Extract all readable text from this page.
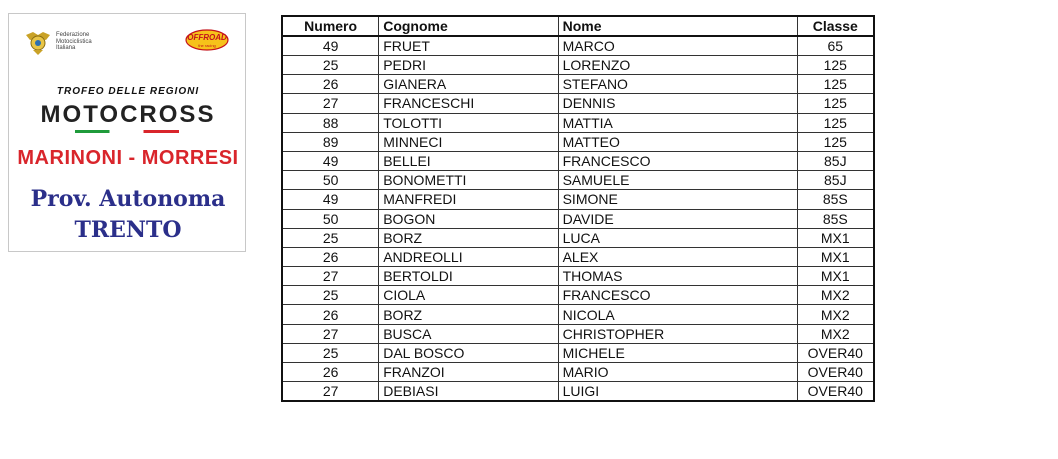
Federazione
Motociclistica
Italiana
OFFROAD
the racing
TROFEO DELLE REGIONI
MOTOCROSS
MARINONI - MORRESI
Prov. Autonoma
TRENTO
Numero	Cognome	Nome	Classe
49	FRUET	MARCO	65
25	PEDRI	LORENZO	125
26	GIANERA	STEFANO	125
27	FRANCESCHI	DENNIS	125
88	TOLOTTI	MATTIA	125
89	MINNECI	MATTEO	125
49	BELLEI	FRANCESCO	85J
50	BONOMETTI	SAMUELE	85J
49	MANFREDI	SIMONE	85S
50	BOGON	DAVIDE	85S
25	BORZ	LUCA	MX1
26	ANDREOLLI	ALEX	MX1
27	BERTOLDI	THOMAS	MX1
25	CIOLA	FRANCESCO	MX2
26	BORZ	NICOLA	MX2
27	BUSCA	CHRISTOPHER	MX2
25	DAL BOSCO	MICHELE	OVER40
26	FRANZOI	MARIO	OVER40
27	DEBIASI	LUIGI	OVER40
